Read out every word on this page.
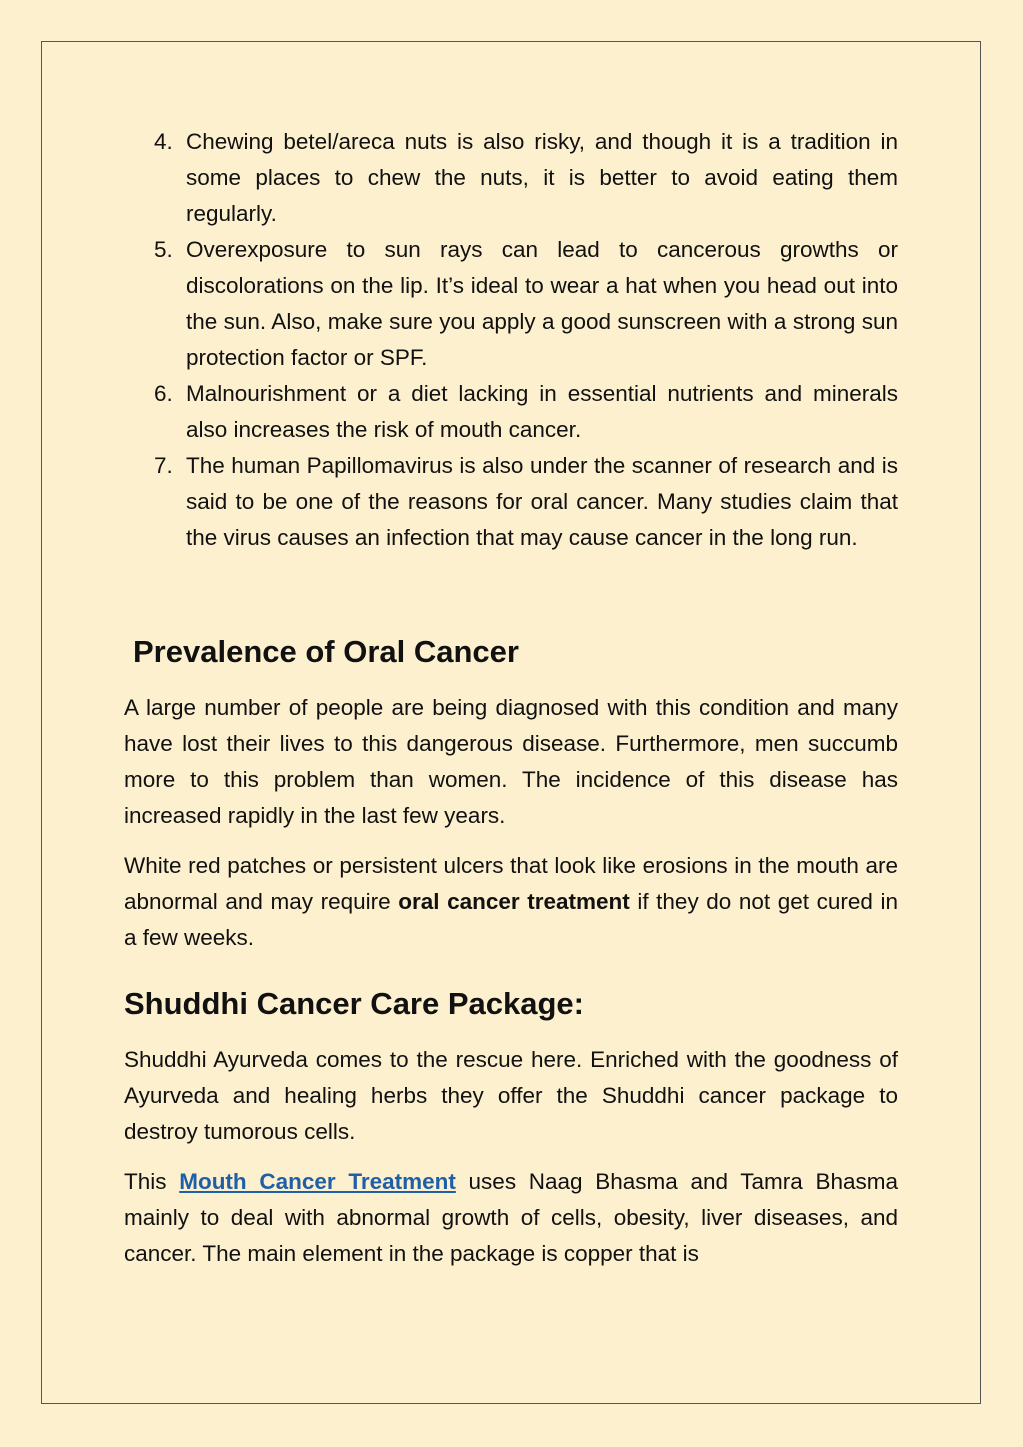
4. Chewing betel/areca nuts is also risky, and though it is a tradition in some places to chew the nuts, it is better to avoid eating them regularly.
5. Overexposure to sun rays can lead to cancerous growths or discolorations on the lip. It’s ideal to wear a hat when you head out into the sun. Also, make sure you apply a good sunscreen with a strong sun protection factor or SPF.
6. Malnourishment or a diet lacking in essential nutrients and minerals also increases the risk of mouth cancer.
7. The human Papillomavirus is also under the scanner of research and is said to be one of the reasons for oral cancer. Many studies claim that the virus causes an infection that may cause cancer in the long run.
Prevalence of Oral Cancer

A large number of people are being diagnosed with this condition and many have lost their lives to this dangerous disease. Furthermore, men succumb more to this problem than women. The incidence of this disease has increased rapidly in the last few years.

White red patches or persistent ulcers that look like erosions in the mouth are abnormal and may require oral cancer treatment if they do not get cured in a few weeks.

Shuddhi Cancer Care Package:

Shuddhi Ayurveda comes to the rescue here. Enriched with the goodness of Ayurveda and healing herbs they offer the Shuddhi cancer package to destroy tumorous cells.

This Mouth Cancer Treatment uses Naag Bhasma and Tamra Bhasma mainly to deal with abnormal growth of cells, obesity, liver diseases, and cancer. The main element in the package is copper that is
